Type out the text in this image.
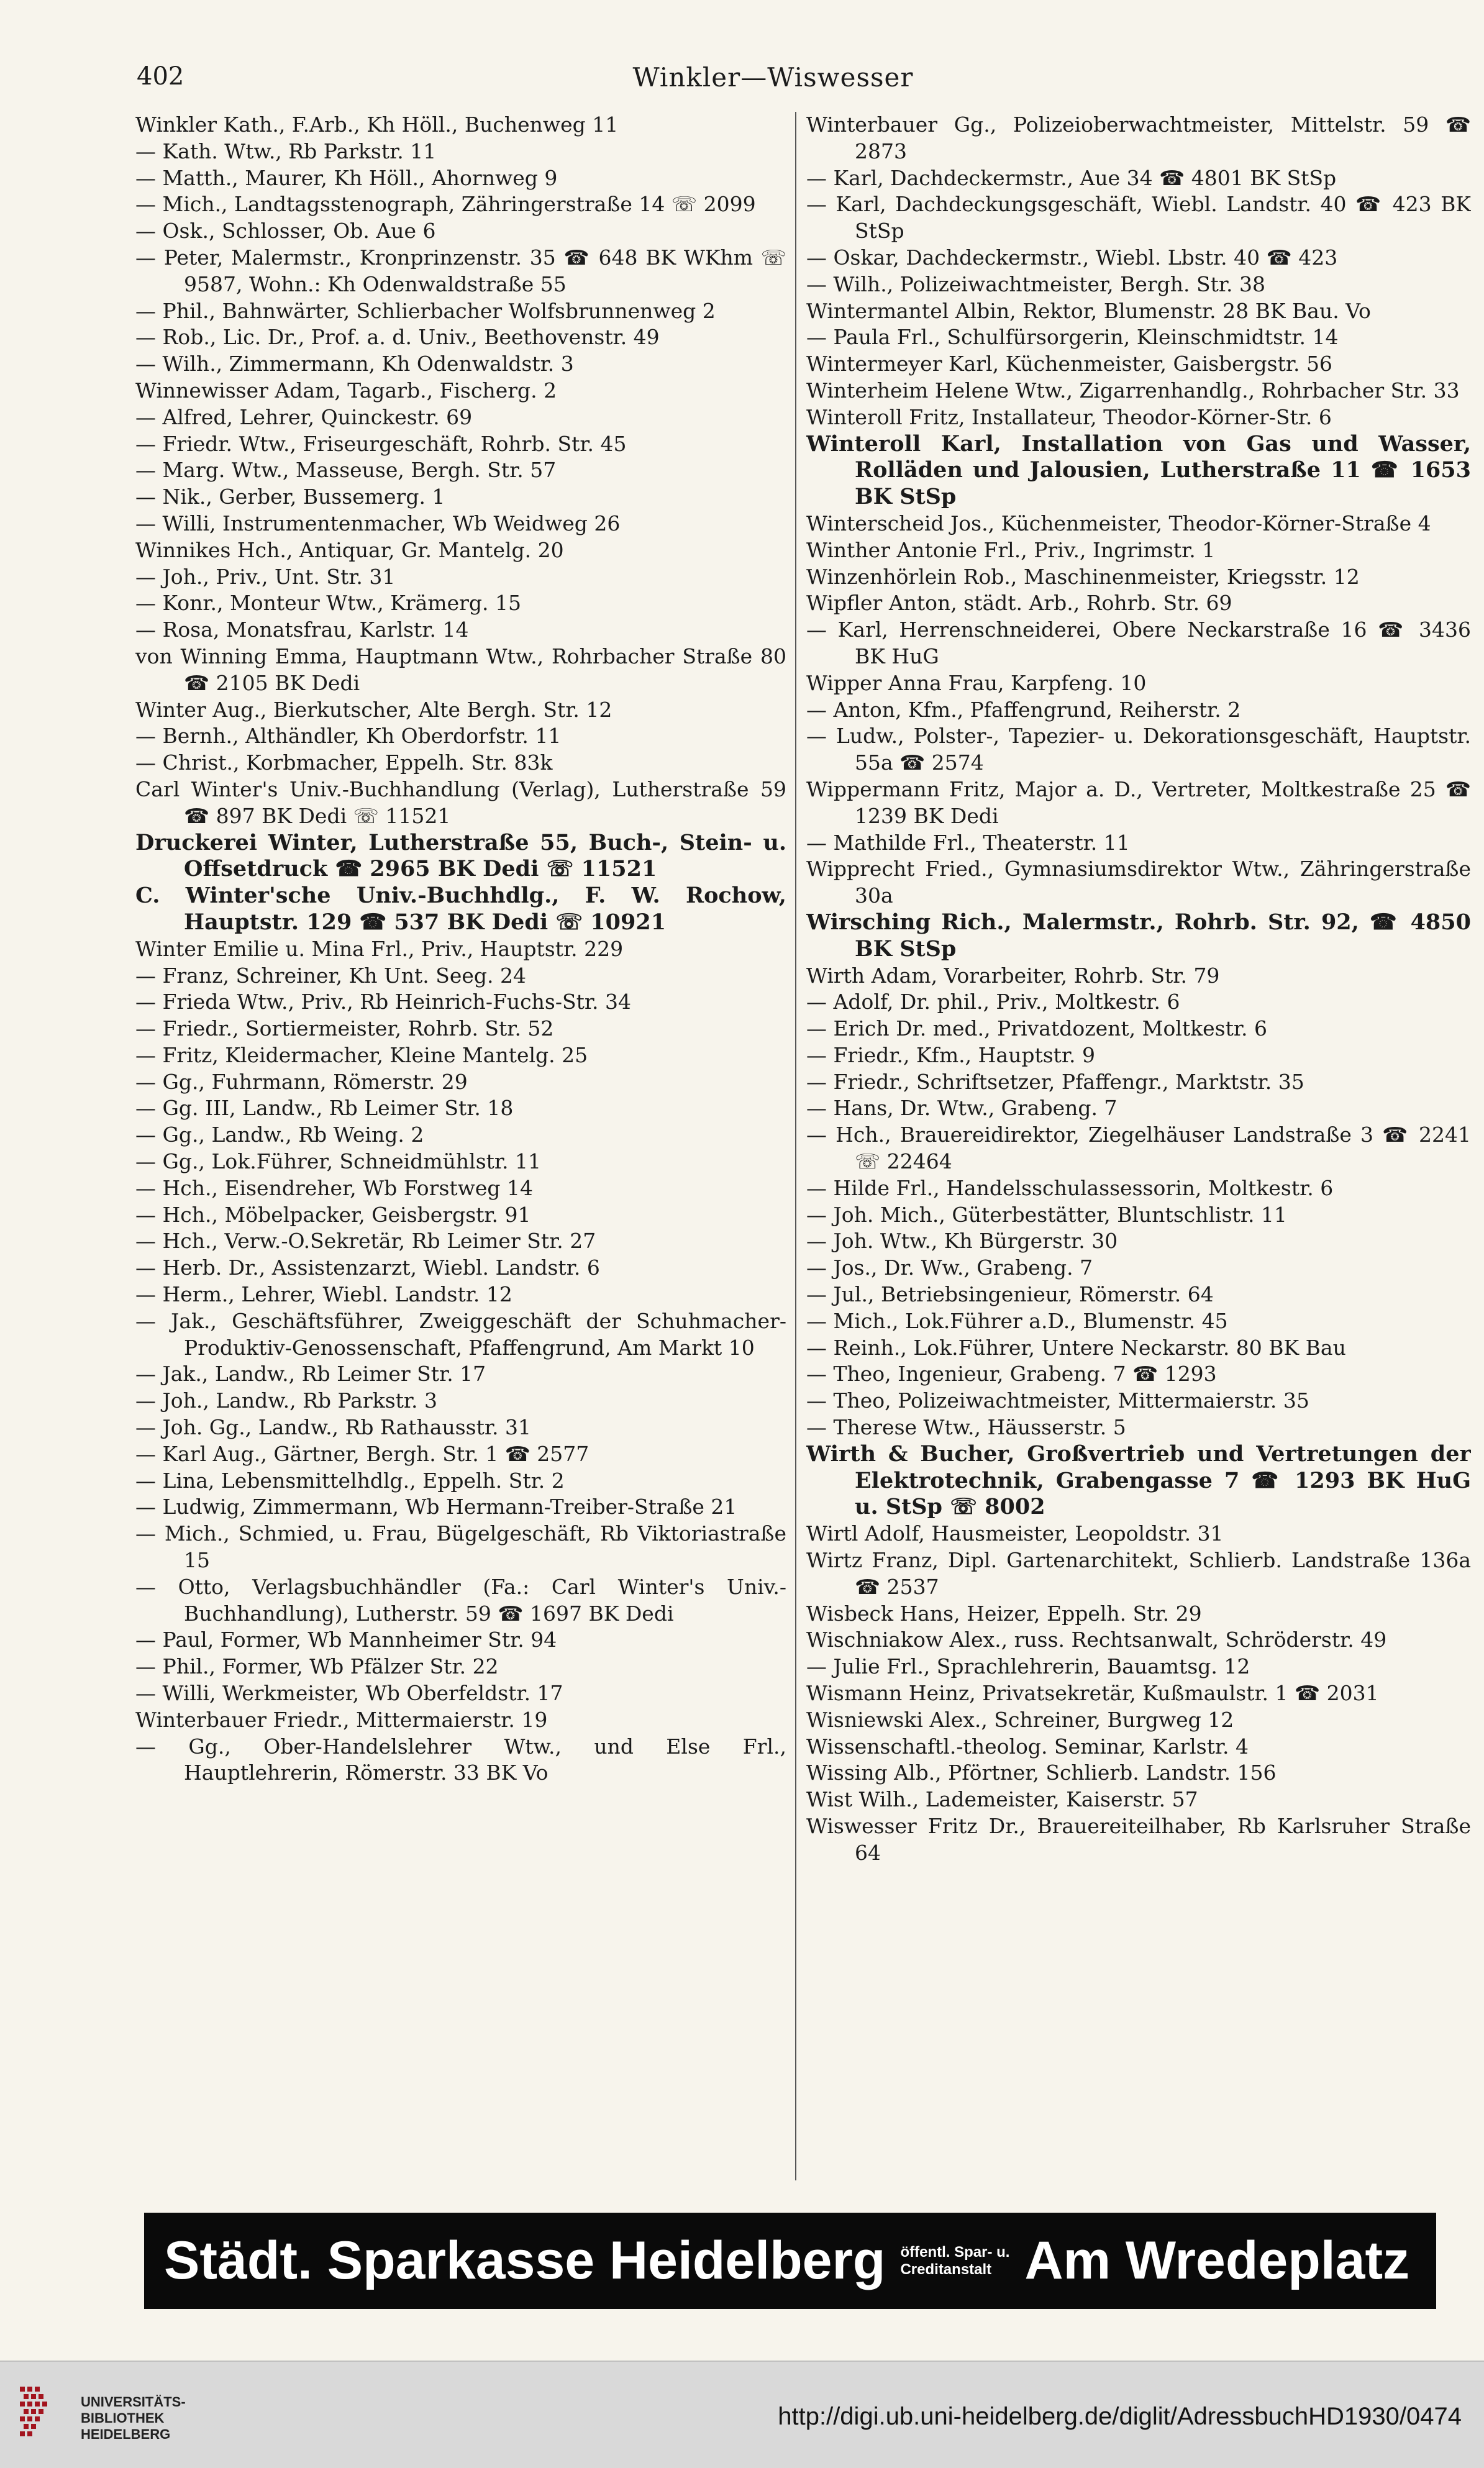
402	Winkler—Wiswesser

Winkler Kath., F.Arb., Kh Höll., Buchenweg 11

— Kath. Wtw., Rb Parkstr. 11

— Matth., Maurer, Kh Höll., Ahornweg 9

— Mich., Landtagsstenograph, Zähringerstraße 14 ☏ 2099

— Osk., Schlosser, Ob. Aue 6

— Peter, Malermstr., Kronprinzenstr. 35 ☎ 648 BK WKhm ☏ 9587, Wohn.: Kh Odenwaldstraße 55

— Phil., Bahnwärter, Schlierbacher Wolfsbrunnenweg 2

— Rob., Lic. Dr., Prof. a. d. Univ., Beethovenstr. 49

— Wilh., Zimmermann, Kh Odenwaldstr. 3

Winnewisser Adam, Tagarb., Fischerg. 2

— Alfred, Lehrer, Quinckestr. 69

— Friedr. Wtw., Friseurgeschäft, Rohrb. Str. 45

— Marg. Wtw., Masseuse, Bergh. Str. 57

— Nik., Gerber, Bussemerg. 1

— Willi, Instrumentenmacher, Wb Weidweg 26

Winnikes Hch., Antiquar, Gr. Mantelg. 20

— Joh., Priv., Unt. Str. 31

— Konr., Monteur Wtw., Krämerg. 15

— Rosa, Monatsfrau, Karlstr. 14

von Winning Emma, Hauptmann Wtw., Rohrbacher Straße 80 ☎ 2105 BK Dedi

Winter Aug., Bierkutscher, Alte Bergh. Str. 12

— Bernh., Althändler, Kh Oberdorfstr. 11

— Christ., Korbmacher, Eppelh. Str. 83k

Carl Winter's Univ.-Buchhandlung (Verlag), Lutherstraße 59 ☎ 897 BK Dedi ☏ 11521

Druckerei Winter, Lutherstraße 55, Buch-, Stein- u. Offsetdruck ☎ 2965 BK Dedi ☏ 11521

C. Winter'sche Univ.-Buchhdlg., F. W. Rochow, Hauptstr. 129 ☎ 537 BK Dedi ☏ 10921

Winter Emilie u. Mina Frl., Priv., Hauptstr. 229

— Franz, Schreiner, Kh Unt. Seeg. 24

— Frieda Wtw., Priv., Rb Heinrich-Fuchs-Str. 34

— Friedr., Sortiermeister, Rohrb. Str. 52

— Fritz, Kleidermacher, Kleine Mantelg. 25

— Gg., Fuhrmann, Römerstr. 29

— Gg. III, Landw., Rb Leimer Str. 18

— Gg., Landw., Rb Weing. 2

— Gg., Lok.Führer, Schneidmühlstr. 11

— Hch., Eisendreher, Wb Forstweg 14

— Hch., Möbelpacker, Geisbergstr. 91

— Hch., Verw.-O.Sekretär, Rb Leimer Str. 27

— Herb. Dr., Assistenzarzt, Wiebl. Landstr. 6

— Herm., Lehrer, Wiebl. Landstr. 12

— Jak., Geschäftsführer, Zweiggeschäft der Schuhmacher-Produktiv-Genossenschaft, Pfaffengrund, Am Markt 10

— Jak., Landw., Rb Leimer Str. 17

— Joh., Landw., Rb Parkstr. 3

— Joh. Gg., Landw., Rb Rathausstr. 31

— Karl Aug., Gärtner, Bergh. Str. 1 ☎ 2577

— Lina, Lebensmittelhdlg., Eppelh. Str. 2

— Ludwig, Zimmermann, Wb Hermann-Treiber-Straße 21

— Mich., Schmied, u. Frau, Bügelgeschäft, Rb Viktoriastraße 15

— Otto, Verlagsbuchhändler (Fa.: Carl Winter's Univ.-Buchhandlung), Lutherstr. 59 ☎ 1697 BK Dedi

— Paul, Former, Wb Mannheimer Str. 94

— Phil., Former, Wb Pfälzer Str. 22

— Willi, Werkmeister, Wb Oberfeldstr. 17

Winterbauer Friedr., Mittermaierstr. 19

— Gg., Ober-Handelslehrer Wtw., und Else Frl., Hauptlehrerin, Römerstr. 33 BK Vo

Winterbauer Gg., Polizeioberwachtmeister, Mittelstr. 59 ☎ 2873

— Karl, Dachdeckermstr., Aue 34 ☎ 4801 BK StSp

— Karl, Dachdeckungsgeschäft, Wiebl. Landstr. 40 ☎ 423 BK StSp

— Oskar, Dachdeckermstr., Wiebl. Lbstr. 40 ☎ 423

— Wilh., Polizeiwachtmeister, Bergh. Str. 38

Wintermantel Albin, Rektor, Blumenstr. 28 BK Bau. Vo

— Paula Frl., Schulfürsorgerin, Kleinschmidtstr. 14

Wintermeyer Karl, Küchenmeister, Gaisbergstr. 56

Winterheim Helene Wtw., Zigarrenhandlg., Rohrbacher Str. 33

Winteroll Fritz, Installateur, Theodor-Körner-Str. 6

Winteroll Karl, Installation von Gas und Wasser, Rolläden und Jalousien, Lutherstraße 11 ☎ 1653 BK StSp

Winterscheid Jos., Küchenmeister, Theodor-Körner-Straße 4

Winther Antonie Frl., Priv., Ingrimstr. 1

Winzenhörlein Rob., Maschinenmeister, Kriegsstr. 12

Wipfler Anton, städt. Arb., Rohrb. Str. 69

— Karl, Herrenschneiderei, Obere Neckarstraße 16 ☎ 3436 BK HuG

Wipper Anna Frau, Karpfeng. 10

— Anton, Kfm., Pfaffengrund, Reiherstr. 2

— Ludw., Polster-, Tapezier- u. Dekorationsgeschäft, Hauptstr. 55a ☎ 2574

Wippermann Fritz, Major a. D., Vertreter, Moltkestraße 25 ☎ 1239 BK Dedi

— Mathilde Frl., Theaterstr. 11

Wipprecht Fried., Gymnasiumsdirektor Wtw., Zähringerstraße 30a

Wirsching Rich., Malermstr., Rohrb. Str. 92, ☎ 4850 BK StSp

Wirth Adam, Vorarbeiter, Rohrb. Str. 79

— Adolf, Dr. phil., Priv., Moltkestr. 6

— Erich Dr. med., Privatdozent, Moltkestr. 6

— Friedr., Kfm., Hauptstr. 9

— Friedr., Schriftsetzer, Pfaffengr., Marktstr. 35

— Hans, Dr. Wtw., Grabeng. 7

— Hch., Brauereidirektor, Ziegelhäuser Landstraße 3 ☎ 2241 ☏ 22464

— Hilde Frl., Handelsschulassessorin, Moltkestr. 6

— Joh. Mich., Güterbestätter, Bluntschlistr. 11

— Joh. Wtw., Kh Bürgerstr. 30

— Jos., Dr. Ww., Grabeng. 7

— Jul., Betriebsingenieur, Römerstr. 64

— Mich., Lok.Führer a.D., Blumenstr. 45

— Reinh., Lok.Führer, Untere Neckarstr. 80 BK Bau

— Theo, Ingenieur, Grabeng. 7 ☎ 1293

— Theo, Polizeiwachtmeister, Mittermaierstr. 35

— Therese Wtw., Häusserstr. 5

Wirth & Bucher, Großvertrieb und Vertretungen der Elektrotechnik, Grabengasse 7 ☎ 1293 BK HuG u. StSp ☏ 8002

Wirtl Adolf, Hausmeister, Leopoldstr. 31

Wirtz Franz, Dipl. Gartenarchitekt, Schlierb. Landstraße 136a ☎ 2537

Wisbeck Hans, Heizer, Eppelh. Str. 29

Wischniakow Alex., russ. Rechtsanwalt, Schröderstr. 49

— Julie Frl., Sprachlehrerin, Bauamtsg. 12

Wismann Heinz, Privatsekretär, Kußmaulstr. 1 ☎ 2031

Wisniewski Alex., Schreiner, Burgweg 12

Wissenschaftl.-theolog. Seminar, Karlstr. 4

Wissing Alb., Pförtner, Schlierb. Landstr. 156

Wist Wilh., Lademeister, Kaiserstr. 57

Wiswesser Fritz Dr., Brauereiteilhaber, Rb Karlsruher Straße 64

Städt. Sparkasse Heidelberg öffentl. Spar- u.
Creditanstalt Am Wredeplatz
UNIVERSITÄTS-
BIBLIOTHEK
HEIDELBERG
http://digi.ub.uni-heidelberg.de/diglit/AdressbuchHD1930/0474
